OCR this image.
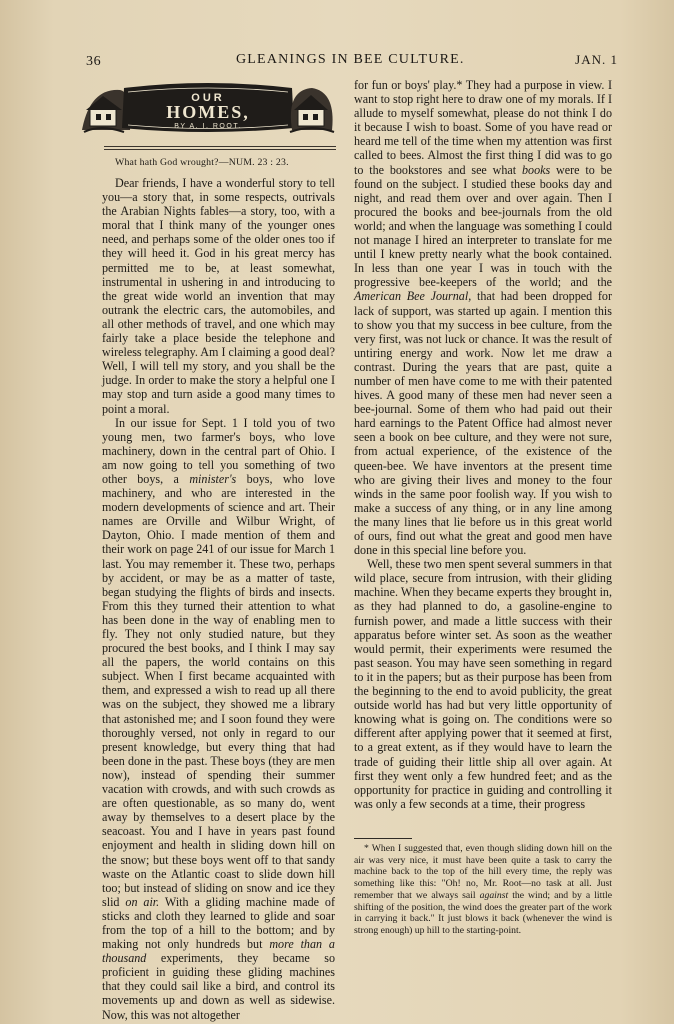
36	GLEANINGS IN BEE CULTURE.	JAN. 1
OUR
HOMES,
BY A. I. ROOT.
What hath God wrought?—NUM. 23 : 23.

Dear friends, I have a wonderful story to tell you—a story that, in some respects, outrivals the Arabian Nights fables—a story, too, with a moral that I think many of the younger ones need, and perhaps some of the older ones too if they will heed it. God in his great mercy has permitted me to be, at least somewhat, instrumental in ushering in and introducing to the great wide world an invention that may outrank the electric cars, the automobiles, and all other methods of travel, and one which may fairly take a place beside the telephone and wireless telegraphy. Am I claiming a good deal? Well, I will tell my story, and you shall be the judge. In order to make the story a helpful one I may stop and turn aside a good many times to point a moral.

In our issue for Sept. 1 I told you of two young men, two farmer's boys, who love machinery, down in the central part of Ohio. I am now going to tell you something of two other boys, a minister's boys, who love machinery, and who are interested in the modern developments of science and art. Their names are Orville and Wilbur Wright, of Dayton, Ohio. I made mention of them and their work on page 241 of our issue for March 1 last. You may remember it. These two, perhaps by accident, or may be as a matter of taste, began studying the flights of birds and insects. From this they turned their attention to what has been done in the way of enabling men to fly. They not only studied nature, but they procured the best books, and I think I may say all the papers, the world contains on this subject. When I first became acquainted with them, and expressed a wish to read up all there was on the subject, they showed me a library that astonished me; and I soon found they were thoroughly versed, not only in regard to our present knowledge, but every thing that had been done in the past. These boys (they are men now), instead of spending their summer vacation with crowds, and with such crowds as are often questionable, as so many do, went away by themselves to a desert place by the seacoast. You and I have in years past found enjoyment and health in sliding down hill on the snow; but these boys went off to that sandy waste on the Atlantic coast to slide down hill too; but instead of sliding on snow and ice they slid on air. With a gliding machine made of sticks and cloth they learned to glide and soar from the top of a hill to the bottom; and by making not only hundreds but more than a thousand experiments, they became so proficient in guiding these gliding machines that they could sail like a bird, and control its movements up and down as well as sidewise. Now, this was not altogether

for fun or boys' play.* They had a purpose in view. I want to stop right here to draw one of my morals. If I allude to myself somewhat, please do not think I do it because I wish to boast. Some of you have read or heard me tell of the time when my attention was first called to bees. Almost the first thing I did was to go to the bookstores and see what books were to be found on the subject. I studied these books day and night, and read them over and over again. Then I procured the books and bee-journals from the old world; and when the language was something I could not manage I hired an interpreter to translate for me until I knew pretty nearly what the book contained. In less than one year I was in touch with the progressive bee-keepers of the world; and the American Bee Journal, that had been dropped for lack of support, was started up again. I mention this to show you that my success in bee culture, from the very first, was not luck or chance. It was the result of untiring energy and work. Now let me draw a contrast. During the years that are past, quite a number of men have come to me with their patented hives. A good many of these men had never seen a bee-journal. Some of them who had paid out their hard earnings to the Patent Office had almost never seen a book on bee culture, and they were not sure, from actual experience, of the existence of the queen-bee. We have inventors at the present time who are giving their lives and money to the four winds in the same poor foolish way. If you wish to make a success of any thing, or in any line among the many lines that lie before us in this great world of ours, find out what the great and good men have done in this special line before you.

Well, these two men spent several summers in that wild place, secure from intrusion, with their gliding machine. When they became experts they brought in, as they had planned to do, a gasoline-engine to furnish power, and made a little success with their apparatus before winter set. As soon as the weather would permit, their experiments were resumed the past season. You may have seen something in regard to it in the papers; but as their purpose has been from the beginning to the end to avoid publicity, the great outside world has had but very little opportunity of knowing what is going on. The conditions were so different after applying power that it seemed at first, to a great extent, as if they would have to learn the trade of guiding their little ship all over again. At first they went only a few hundred feet; and as the opportunity for practice in guiding and controlling it was only a few seconds at a time, their progress

* When I suggested that, even though sliding down hill on the air was very nice, it must have been quite a task to carry the machine back to the top of the hill every time, the reply was something like this: "Oh! no, Mr. Root—no task at all. Just remember that we always sail against the wind; and by a little shifting of the position, the wind does the greater part of the work in carrying it back." It just blows it back (whenever the wind is strong enough) up hill to the starting-point.
